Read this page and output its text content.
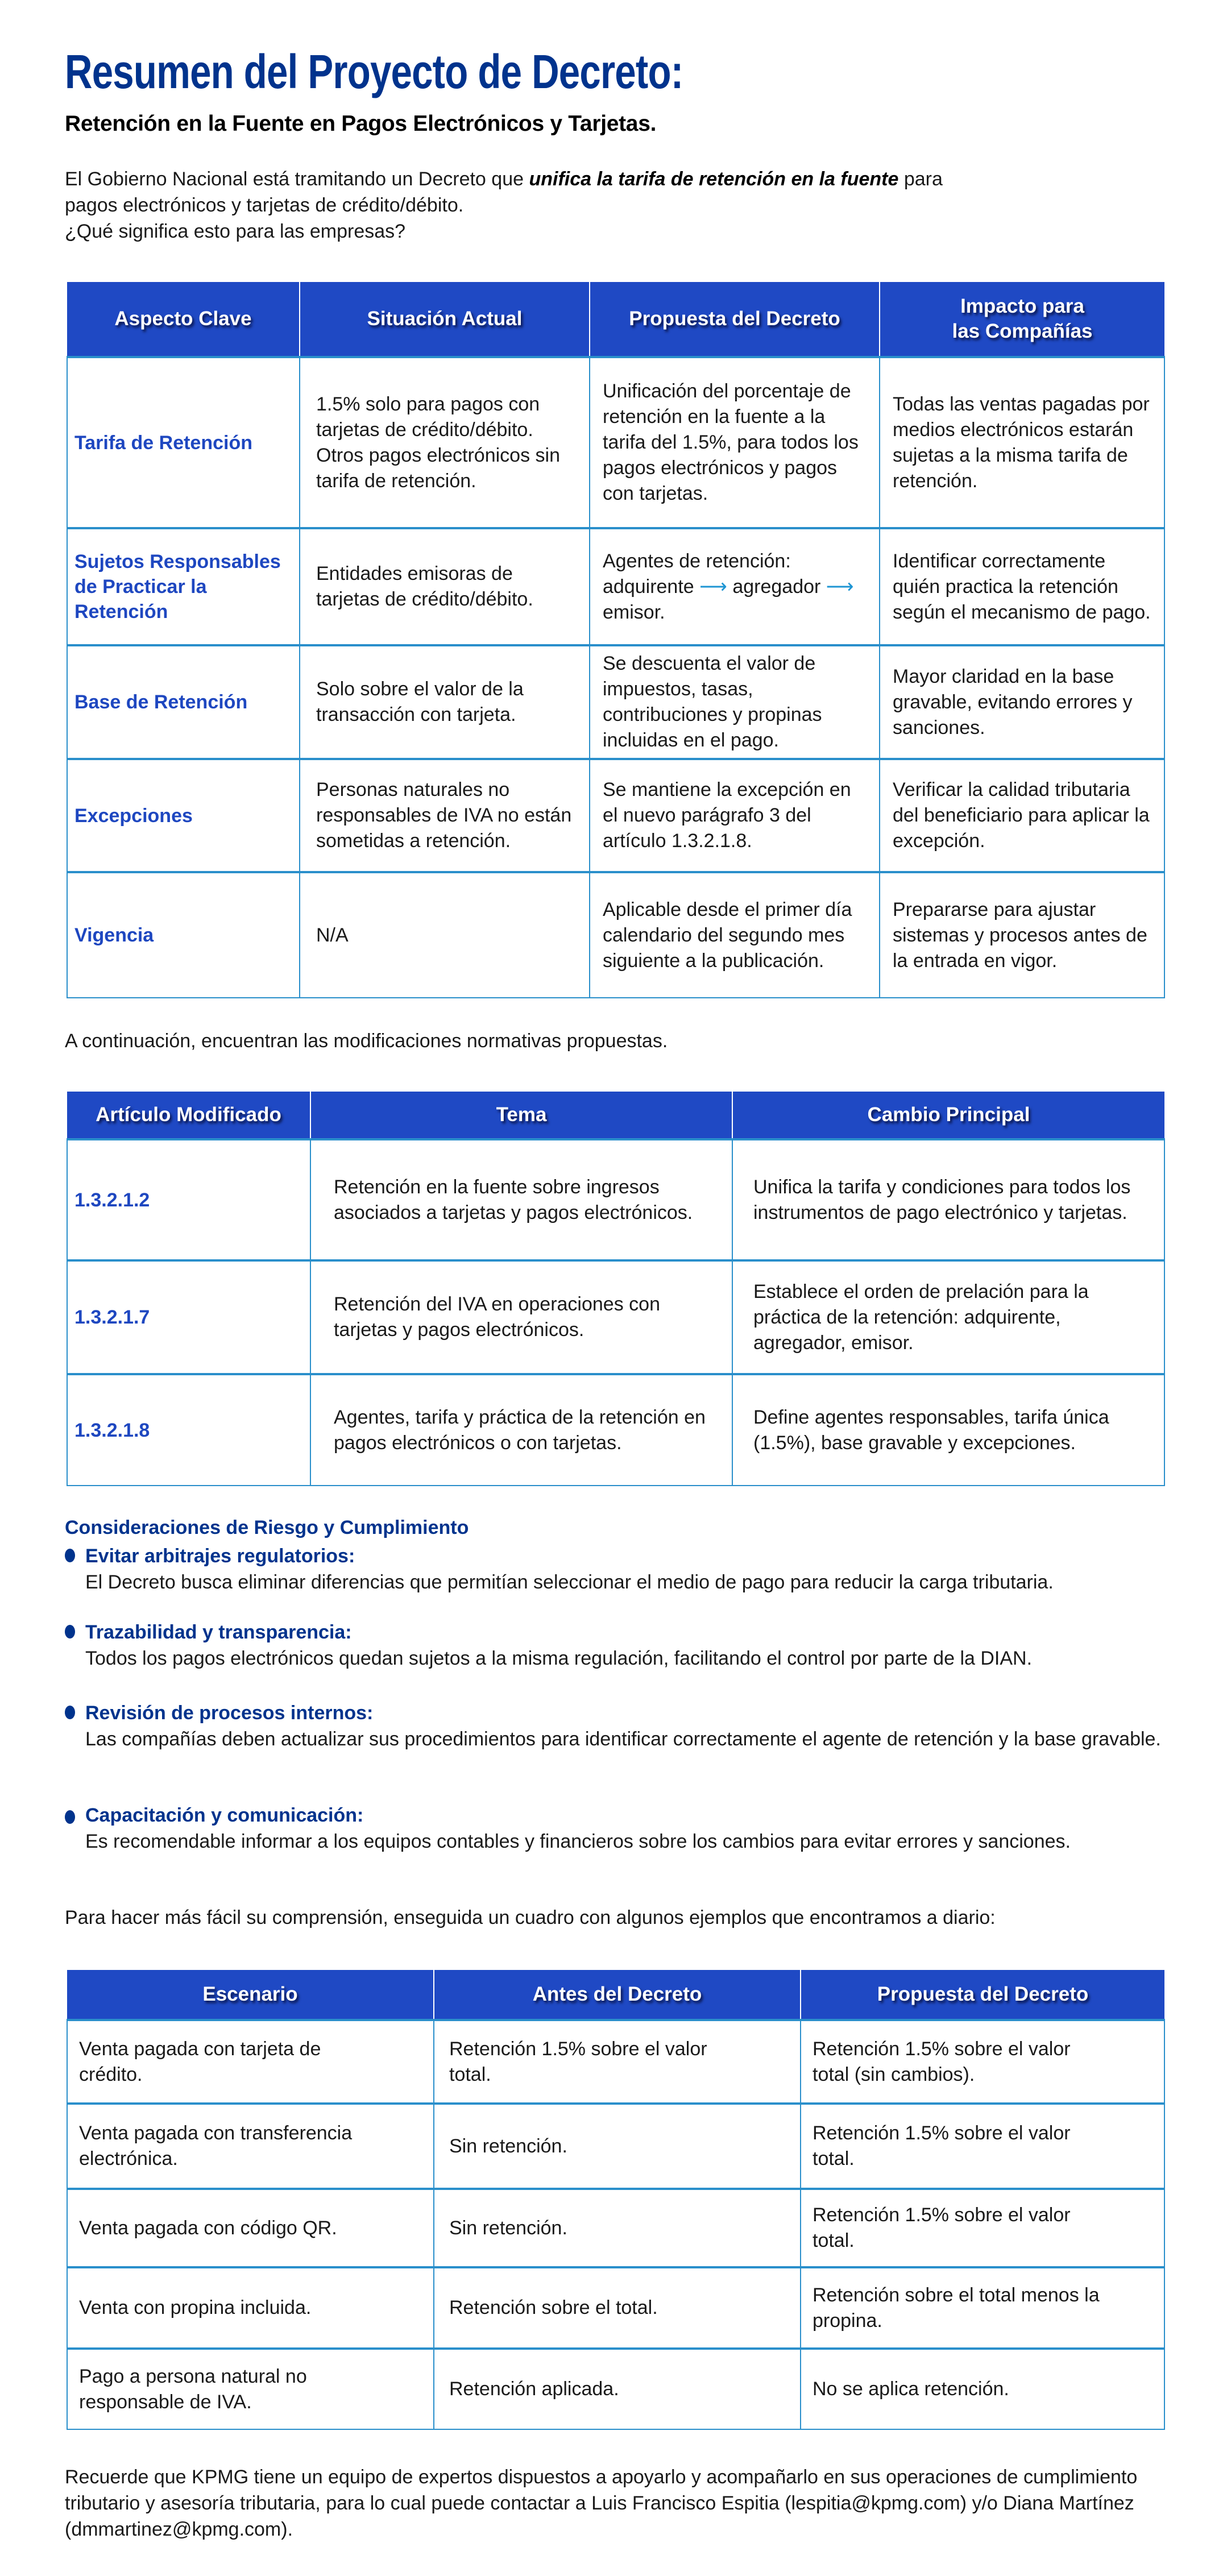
Resumen del Proyecto de Decreto:
Retención en la Fuente en Pagos Electrónicos y Tarjetas.
El Gobierno Nacional está tramitando un Decreto que unifica la tarifa de retención en la fuente para pagos electrónicos y tarjetas de crédito/débito.
¿Qué significa esto para las empresas?
Aspecto Clave	Situación Actual	Propuesta del Decreto	Impacto para las Compañías
Tarifa de Retención	1.5% solo para pagos con tarjetas de crédito/débito. Otros pagos electrónicos sin tarifa de retención.	Unificación del porcentaje de retención en la fuente a la tarifa del 1.5%, para todos los pagos electrónicos y pagos con tarjetas.	Todas las ventas pagadas por medios electrónicos estarán sujetas a la misma tarifa de retención.
Sujetos Responsables de Practicar la Retención	Entidades emisoras de tarjetas de crédito/débito.	Agentes de retención: adquirente ⟶ agregador ⟶ emisor.	Identificar correctamente quién practica la retención según el mecanismo de pago.
Base de Retención	Solo sobre el valor de la transacción con tarjeta.	Se descuenta el valor de impuestos, tasas, contribuciones y propinas incluidas en el pago.	Mayor claridad en la base gravable, evitando errores y sanciones.
Excepciones	Personas naturales no responsables de IVA no están sometidas a retención.	Se mantiene la excepción en el nuevo parágrafo 3 del artículo 1.3.2.1.8.	Verificar la calidad tributaria del beneficiario para aplicar la excepción.
Vigencia	N/A	Aplicable desde el primer día calendario del segundo mes siguiente a la publicación.	Prepararse para ajustar sistemas y procesos antes de la entrada en vigor.
A continuación, encuentran las modificaciones normativas propuestas.
Artículo Modificado	Tema	Cambio Principal
1.3.2.1.2	Retención en la fuente sobre ingresos asociados a tarjetas y pagos electrónicos.	Unifica la tarifa y condiciones para todos los instrumentos de pago electrónico y tarjetas.
1.3.2.1.7	Retención del IVA en operaciones con tarjetas y pagos electrónicos.	Establece el orden de prelación para la práctica de la retención: adquirente, agregador, emisor.
1.3.2.1.8	Agentes, tarifa y práctica de la retención en pagos electrónicos o con tarjetas.	Define agentes responsables, tarifa única (1.5%), base gravable y excepciones.
Consideraciones de Riesgo y Cumplimiento
Evitar arbitrajes regulatorios:
El Decreto busca eliminar diferencias que permitían seleccionar el medio de pago para reducir la carga tributaria.
Trazabilidad y transparencia:
Todos los pagos electrónicos quedan sujetos a la misma regulación, facilitando el control por parte de la DIAN.
Revisión de procesos internos:
Las compañías deben actualizar sus procedimientos para identificar correctamente el agente de retención y la base gravable.
Capacitación y comunicación:
Es recomendable informar a los equipos contables y financieros sobre los cambios para evitar errores y sanciones.
Para hacer más fácil su comprensión, enseguida un cuadro con algunos ejemplos que encontramos a diario:
Escenario	Antes del Decreto	Propuesta del Decreto
Venta pagada con tarjeta de crédito.	Retención 1.5% sobre el valor total.	Retención 1.5% sobre el valor total (sin cambios).
Venta pagada con transferencia electrónica.	Sin retención.	Retención 1.5% sobre el valor total.
Venta pagada con código QR.	Sin retención.	Retención 1.5% sobre el valor total.
Venta con propina incluida.	Retención sobre el total.	Retención sobre el total menos la propina.
Pago a persona natural no responsable de IVA.	Retención aplicada.	No se aplica retención.
Recuerde que KPMG tiene un equipo de expertos dispuestos a apoyarlo y acompañarlo en sus operaciones de cumplimiento tributario y asesoría tributaria, para lo cual puede contactar a Luis Francisco Espitia (lespitia@kpmg.com) y/o Diana Martínez (dmmartinez@kpmg.com).
